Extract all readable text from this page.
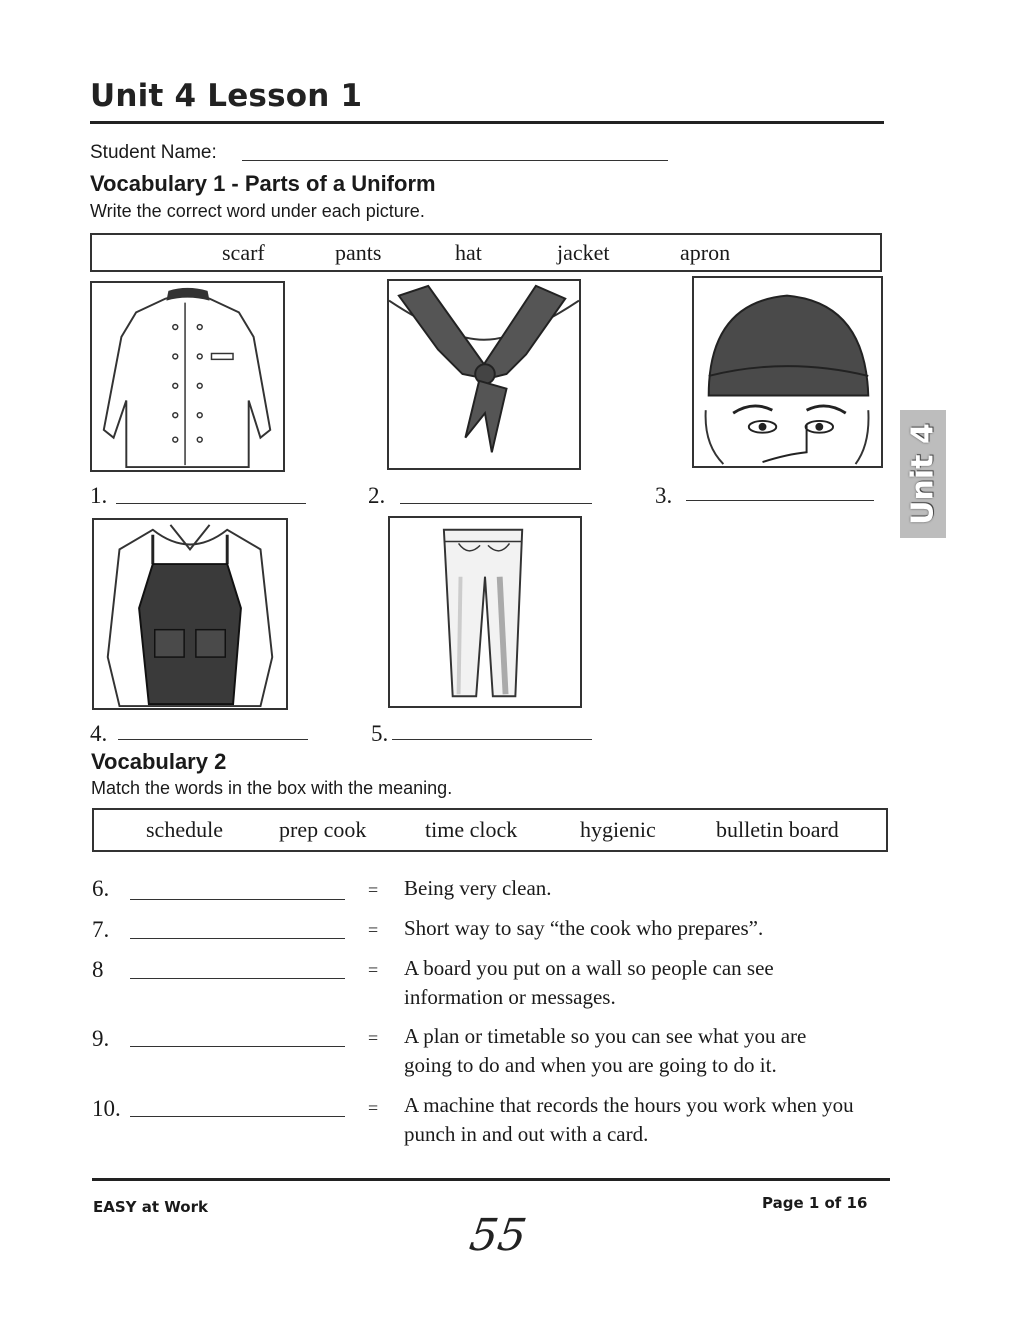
Unit 4 Lesson 1
Student Name:
Vocabulary 1 - Parts of a Uniform
Write the correct word under each picture.
scarf	pants	hat	jacket	apron
1.	2.	3.
4.	5.
Vocabulary 2
Match the words in the box with the meaning.
schedule	prep cook	time clock	hygienic	bulletin board
6.	= Being very clean.
7.	= Short way to say “the cook who prepares”.
8	= A board you put on a wall so people can see information or messages.
9.	= A plan or timetable so you can see what you are going to do and when you are going to do it.
10.	= A machine that records the hours you work when you punch in and out with a card.
Unit 4
EASY at Work	Page 1 of 16
55
